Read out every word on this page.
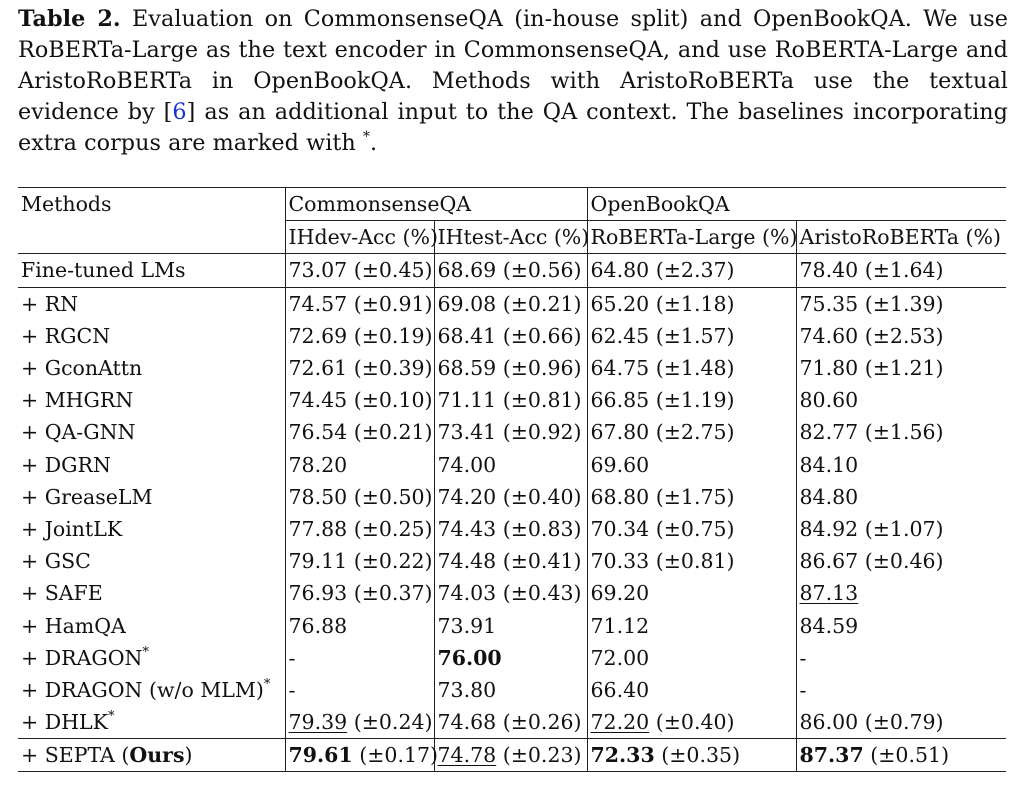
Table 2. Evaluation on CommonsenseQA (in-house split) and OpenBookQA. We use RoBERTa-Large as the text encoder in CommonsenseQA, and use RoBERTA-Large and AristoRoBERTa in OpenBookQA. Methods with AristoRoBERTa use the textual evidence by [6] as an additional input to the QA context. The baselines incorporating extra corpus are marked with *.
Methods	CommonsenseQA		OpenBookQA	
	IHdev-Acc (%)	IHtest-Acc (%)	RoBERTa-Large (%)	AristoRoBERTa (%)
Fine-tuned LMs	73.07 (±0.45)	68.69 (±0.56)	64.80 (±2.37)	78.40 (±1.64)
+ RN	74.57 (±0.91)	69.08 (±0.21)	65.20 (±1.18)	75.35 (±1.39)
+ RGCN	72.69 (±0.19)	68.41 (±0.66)	62.45 (±1.57)	74.60 (±2.53)
+ GconAttn	72.61 (±0.39)	68.59 (±0.96)	64.75 (±1.48)	71.80 (±1.21)
+ MHGRN	74.45 (±0.10)	71.11 (±0.81)	66.85 (±1.19)	80.60
+ QA-GNN	76.54 (±0.21)	73.41 (±0.92)	67.80 (±2.75)	82.77 (±1.56)
+ DGRN	78.20	74.00	69.60	84.10
+ GreaseLM	78.50 (±0.50)	74.20 (±0.40)	68.80 (±1.75)	84.80
+ JointLK	77.88 (±0.25)	74.43 (±0.83)	70.34 (±0.75)	84.92 (±1.07)
+ GSC	79.11 (±0.22)	74.48 (±0.41)	70.33 (±0.81)	86.67 (±0.46)
+ SAFE	76.93 (±0.37)	74.03 (±0.43)	69.20	87.13
+ HamQA	76.88	73.91	71.12	84.59
+ DRAGON*	-	76.00	72.00	-
+ DRAGON (w/o MLM)*	-	73.80	66.40	-
+ DHLK*	79.39 (±0.24)	74.68 (±0.26)	72.20 (±0.40)	86.00 (±0.79)
+ SEPTA (Ours)	79.61 (±0.17)	74.78 (±0.23)	72.33 (±0.35)	87.37 (±0.51)
